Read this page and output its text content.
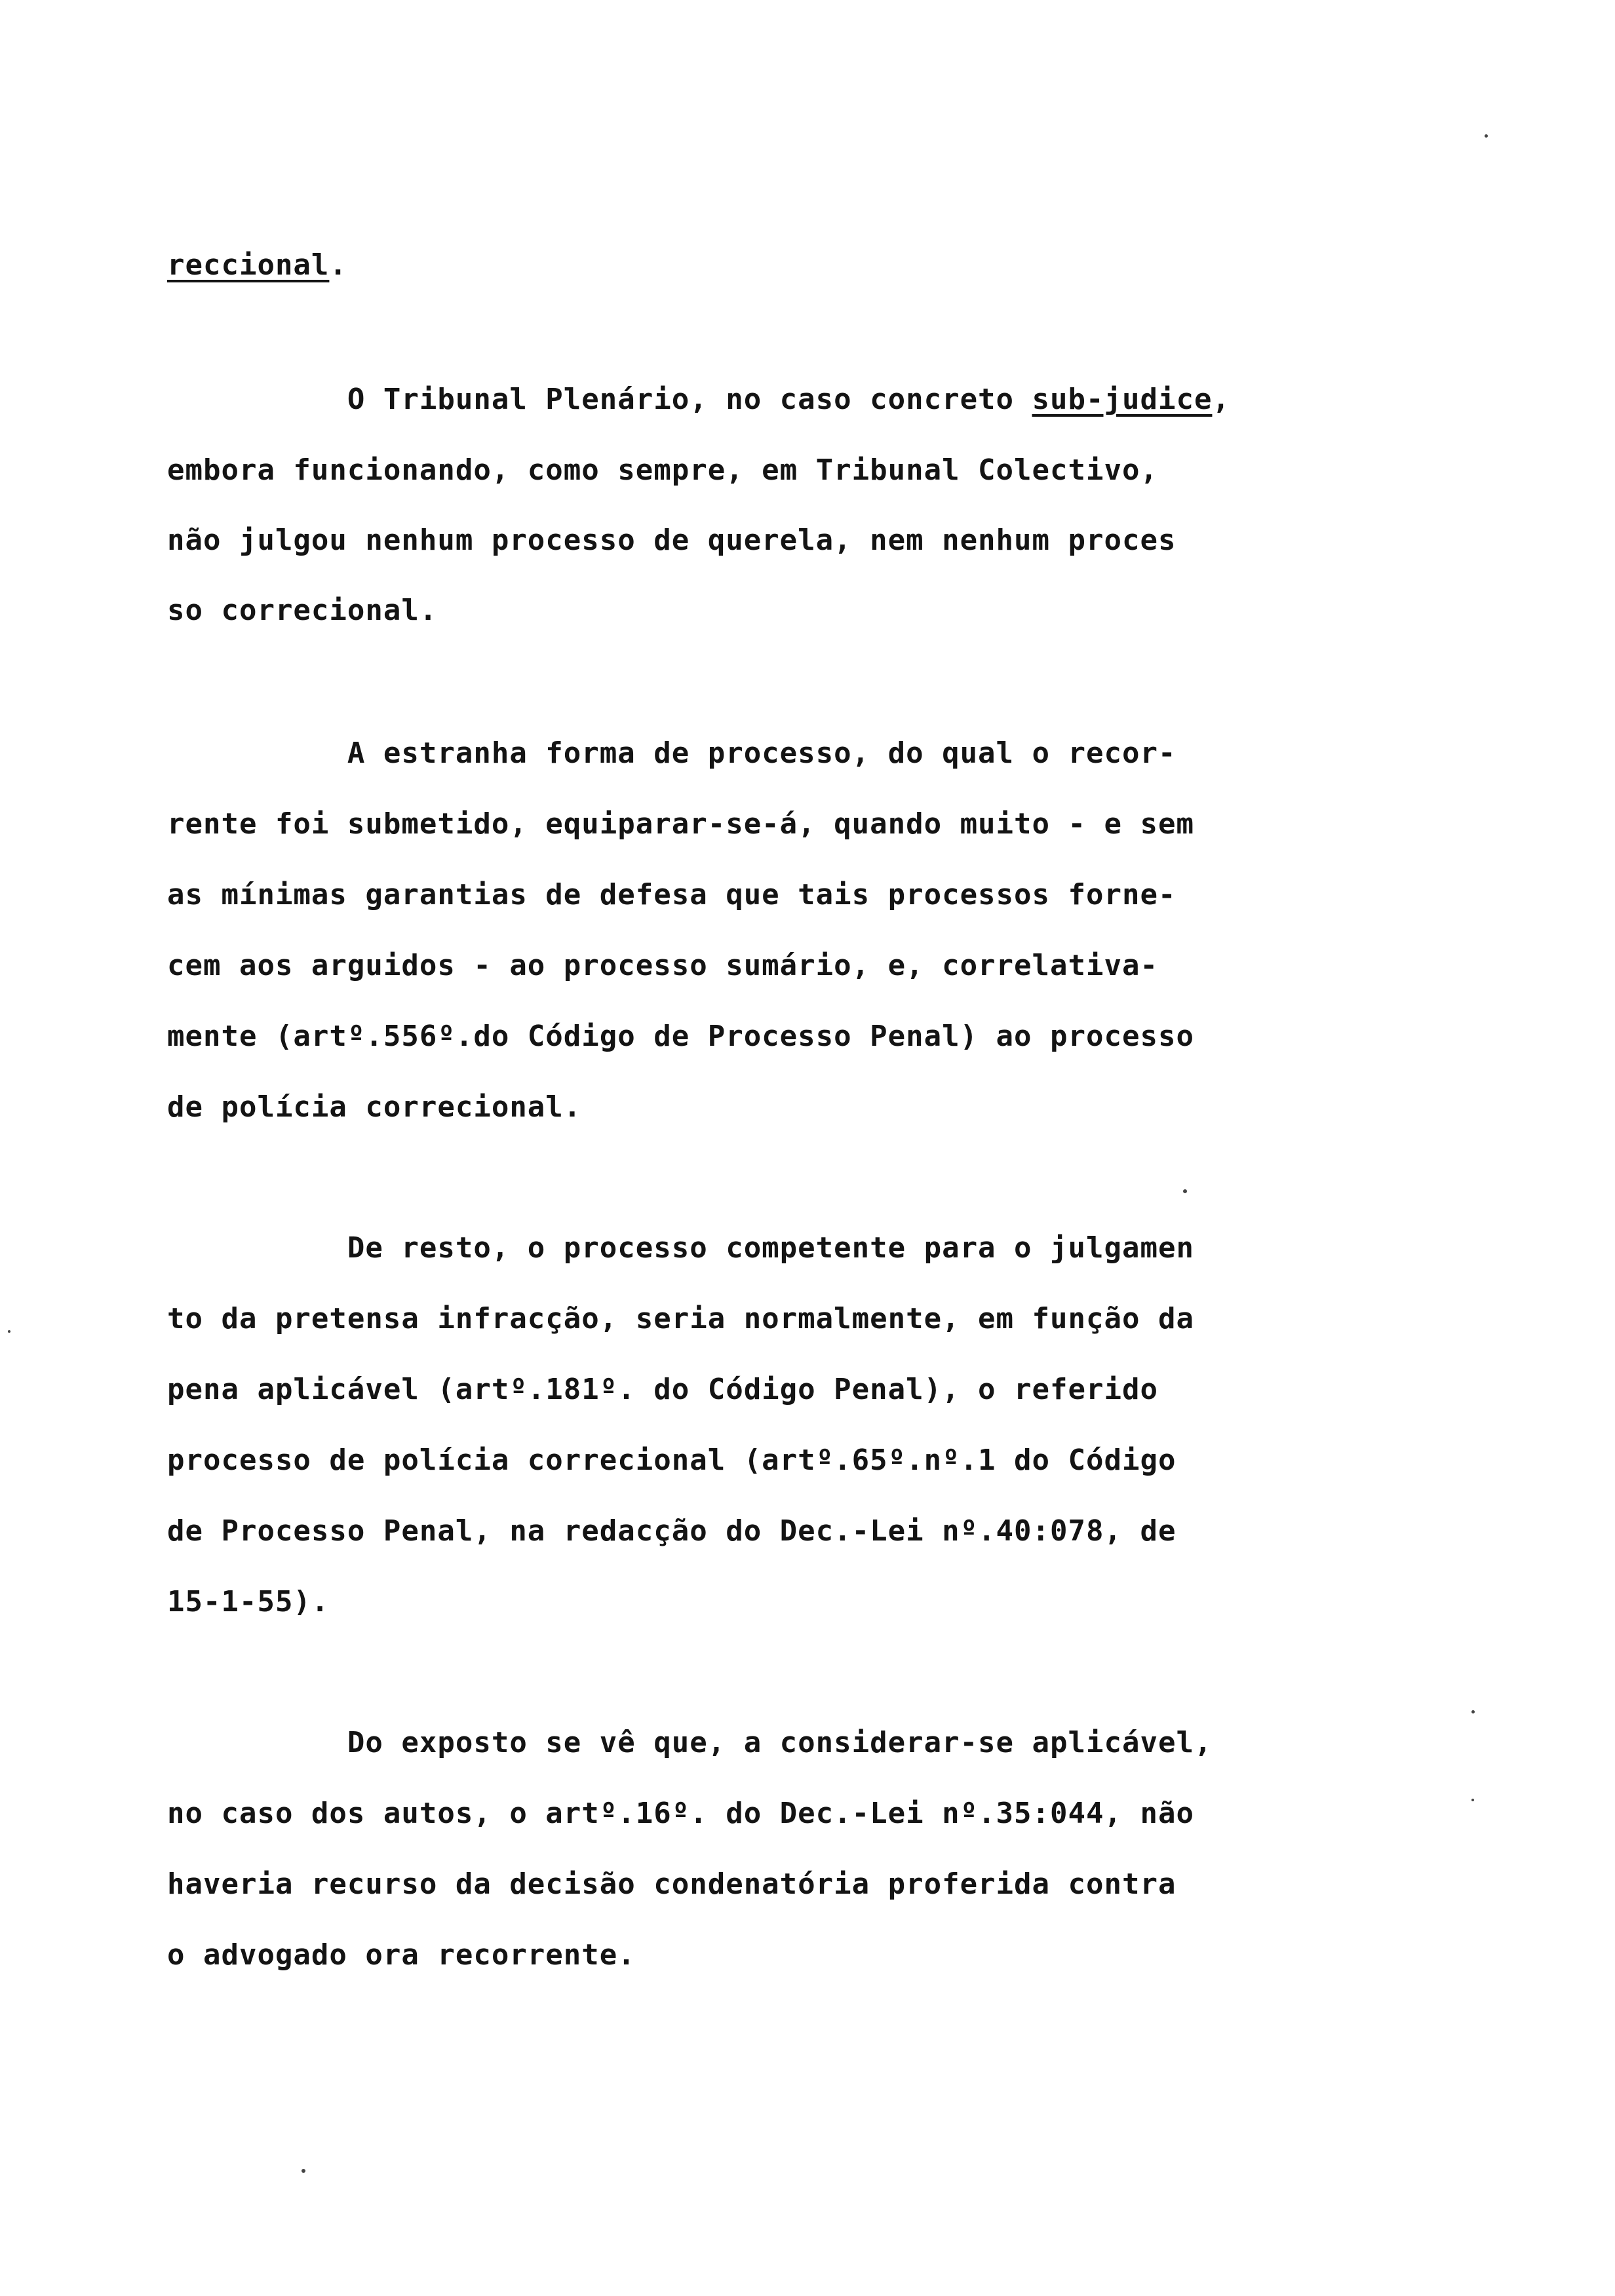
reccional.
O Tribunal Plenário, no caso concreto sub-judice,
embora funcionando, como sempre, em Tribunal Colectivo,
não julgou nenhum processo de querela, nem nenhum proces
so correcional.
A estranha forma de processo, do qual o recor-
rente foi submetido, equiparar-se-á, quando muito - e sem
as mínimas garantias de defesa que tais processos forne-
cem aos arguidos - ao processo sumário, e, correlativa-
mente (artº.556º.do Código de Processo Penal) ao processo
de polícia correcional.
De resto, o processo competente para o julgamen
to da pretensa infracção, seria normalmente, em função da
pena aplicável (artº.181º. do Código Penal), o referido
processo de polícia correcional (artº.65º.nº.1 do Código
de Processo Penal, na redacção do Dec.-Lei nº.40:078, de
15-1-55).
Do exposto se vê que, a considerar-se aplicável,
no caso dos autos, o artº.16º. do Dec.-Lei nº.35:044, não
haveria recurso da decisão condenatória proferida contra
o advogado ora recorrente.
